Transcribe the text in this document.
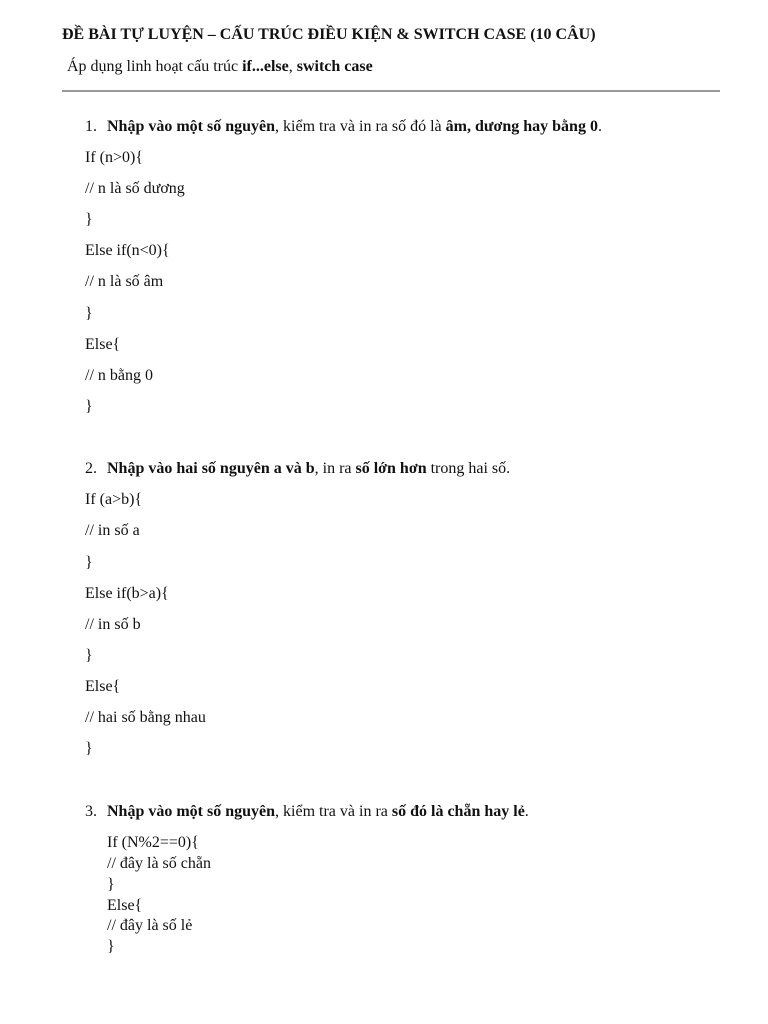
ĐỀ BÀI TỰ LUYỆN – CẤU TRÚC ĐIỀU KIỆN & SWITCH CASE (10 CÂU)
Áp dụng linh hoạt cấu trúc if...else, switch case
1. Nhập vào một số nguyên, kiểm tra và in ra số đó là âm, dương hay bằng 0.
If (n>0){
// n là số dương
}
Else if(n<0){
// n là số âm
}
Else{
// n bằng 0
}
2. Nhập vào hai số nguyên a và b, in ra số lớn hơn trong hai số.
If (a>b){
// in số a
}
Else if(b>a){
// in số b
}
Else{
// hai số bằng nhau
}
3. Nhập vào một số nguyên, kiểm tra và in ra số đó là chẵn hay lẻ.
If (N%2==0){
// đây là số chẵn
}
Else{
// đây là số lẻ
}
